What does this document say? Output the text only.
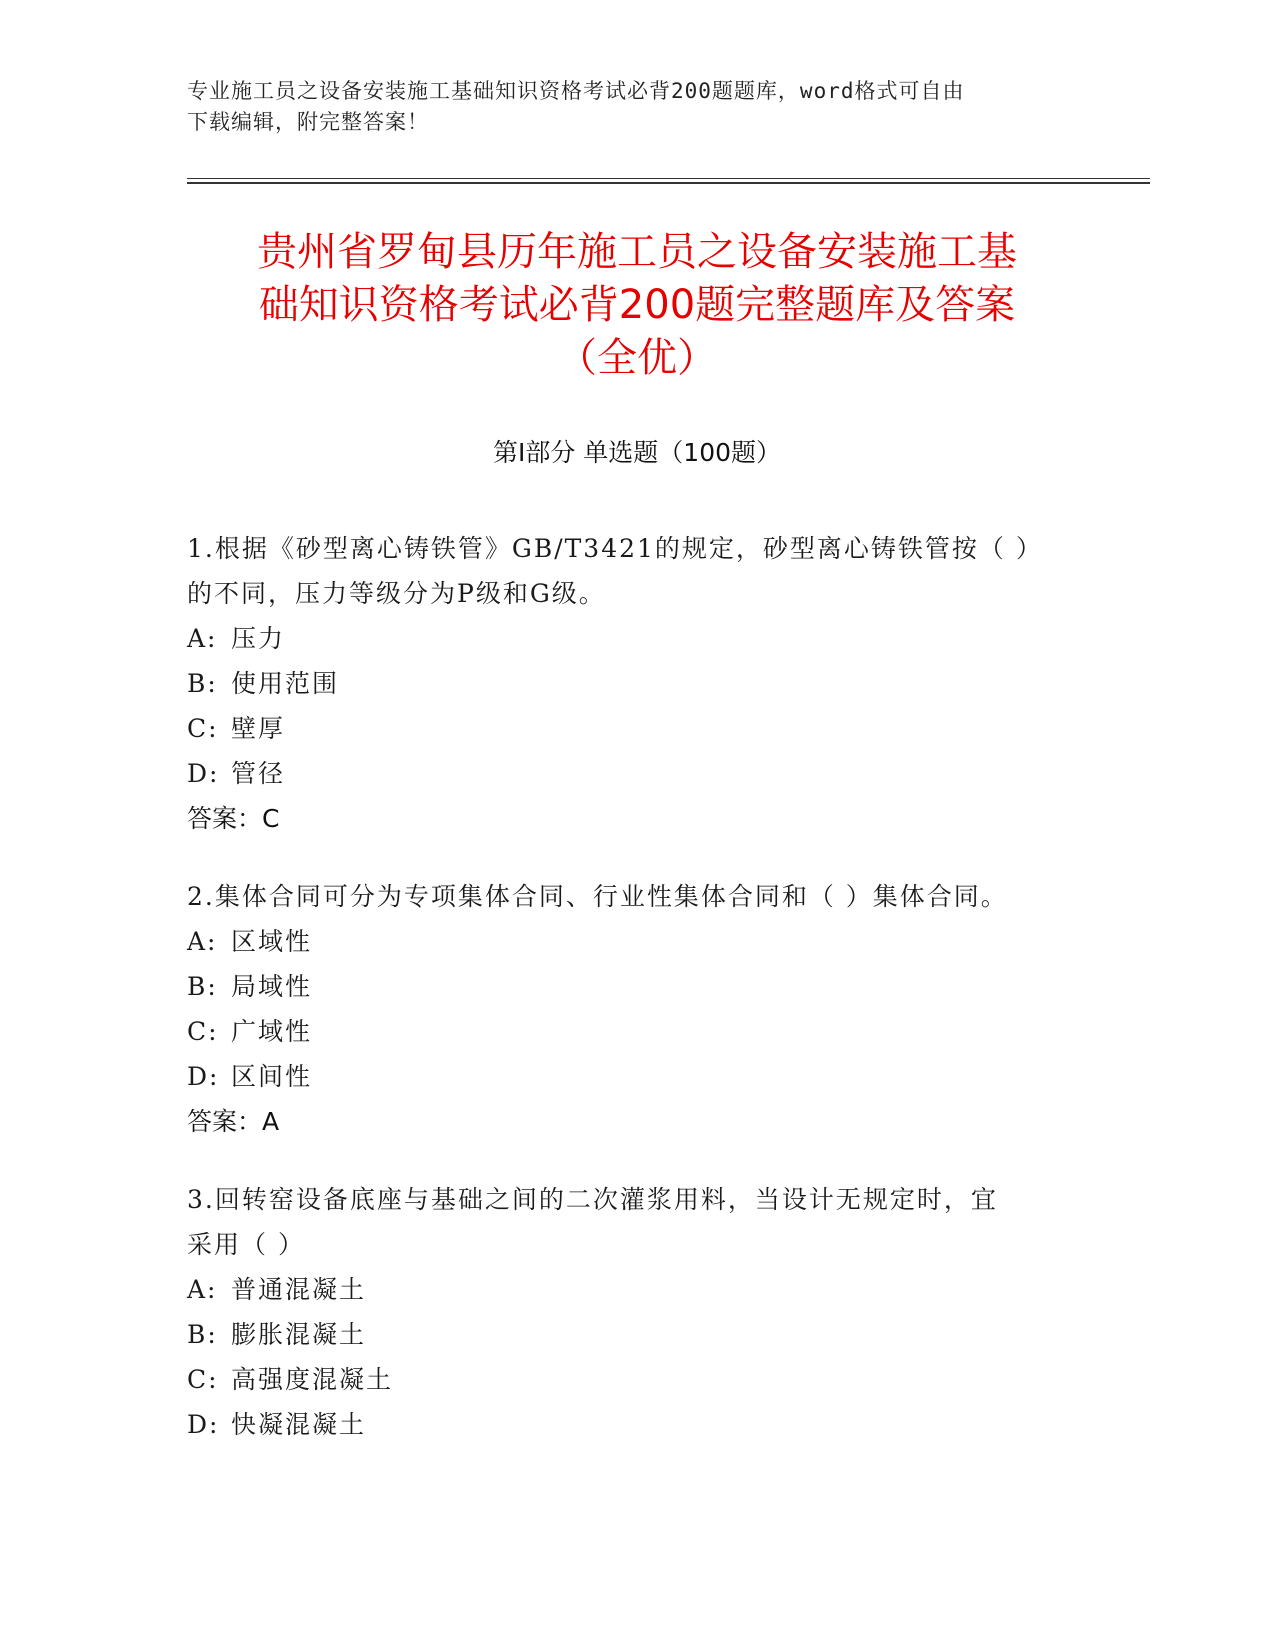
专业施工员之设备安装施工基础知识资格考试必背200题题库，word格式可自由
下载编辑，附完整答案！
贵州省罗甸县历年施工员之设备安装施工基
础知识资格考试必背200题完整题库及答案
（全优）
第Ⅰ部分 单选题（100题）

1.根据《砂型离心铸铁管》GB/T3421的规定，砂型离心铸铁管按（ ）
的不同，压力等级分为P级和G级。

A: 压力

B: 使用范围

C: 壁厚

D: 管径

答案：C

2.集体合同可分为专项集体合同、行业性集体合同和（ ）集体合同。

A: 区域性

B: 局域性

C: 广域性

D: 区间性

答案：A

3.回转窑设备底座与基础之间的二次灌浆用料，当设计无规定时，宜
采用（ ）

A: 普通混凝土

B: 膨胀混凝土

C: 高强度混凝土

D: 快凝混凝土
